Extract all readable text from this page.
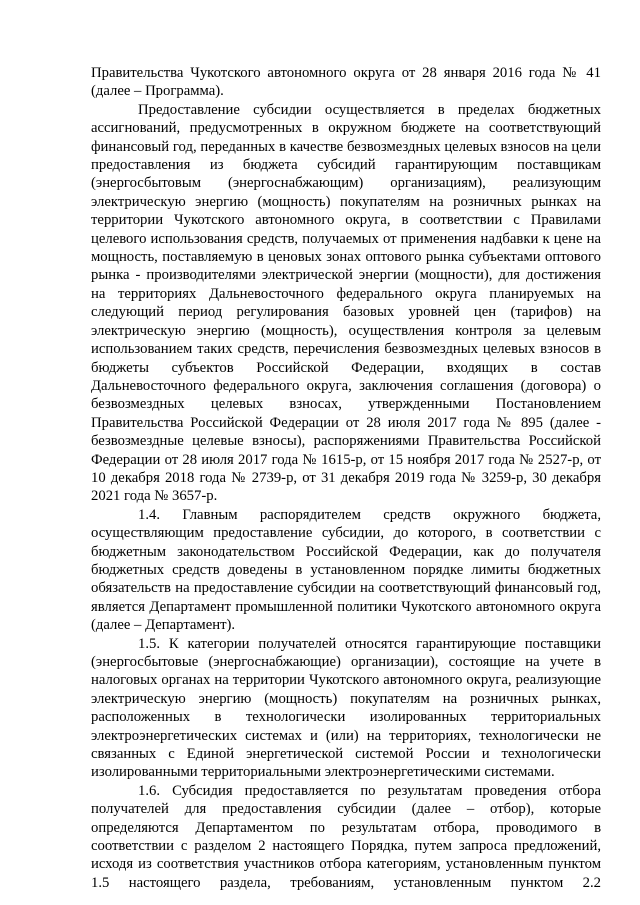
Правительства Чукотского автономного округа от 28 января 2016 года № 41 (далее – Программа).

Предоставление субсидии осуществляется в пределах бюджетных ассигнований, предусмотренных в окружном бюджете на соответствующий финансовый год, переданных в качестве безвозмездных целевых взносов на цели предоставления из бюджета субсидий гарантирующим поставщикам (энергосбытовым (энергоснабжающим) организациям), реализующим электрическую энергию (мощность) покупателям на розничных рынках на территории Чукотского автономного округа, в соответствии с Правилами целевого использования средств, получаемых от применения надбавки к цене на мощность, поставляемую в ценовых зонах оптового рынка субъектами оптового рынка - производителями электрической энергии (мощности), для достижения на территориях Дальневосточного федерального округа планируемых на следующий период регулирования базовых уровней цен (тарифов) на электрическую энергию (мощность), осуществления контроля за целевым использованием таких средств, перечисления безвозмездных целевых взносов в бюджеты субъектов Российской Федерации, входящих в состав Дальневосточного федерального округа, заключения соглашения (договора) о безвозмездных целевых взносах, утвержденными Постановлением Правительства Российской Федерации от 28 июля 2017 года № 895 (далее - безвозмездные целевые взносы), распоряжениями Правительства Российской Федерации от 28 июля 2017 года № 1615-р, от 15 ноября 2017 года № 2527-р, от 10 декабря 2018 года № 2739-р, от 31 декабря 2019 года № 3259-р, 30 декабря 2021 года № 3657-р.

1.4. Главным распорядителем средств окружного бюджета, осуществляющим предоставление субсидии, до которого, в соответствии с бюджетным законодательством Российской Федерации, как до получателя бюджетных средств доведены в установленном порядке лимиты бюджетных обязательств на предоставление субсидии на соответствующий финансовый год, является Департамент промышленной политики Чукотского автономного округа (далее – Департамент).

1.5. К категории получателей относятся гарантирующие поставщики (энергосбытовые (энергоснабжающие) организации), состоящие на учете в налоговых органах на территории Чукотского автономного округа, реализующие электрическую энергию (мощность) покупателям на розничных рынках, расположенных в технологически изолированных территориальных электроэнергетических системах и (или) на территориях, технологически не связанных с Единой энергетической системой России и технологически изолированными территориальными электроэнергетическими системами.

1.6. Субсидия предоставляется по результатам проведения отбора получателей для предоставления субсидии (далее – отбор), которые определяются Департаментом по результатам отбора, проводимого в соответствии с разделом 2 настоящего Порядка, путем запроса предложений, исходя из соответствия участников отбора категориям, установленным пунктом 1.5 настоящего раздела, требованиям, установленным пунктом 2.2
